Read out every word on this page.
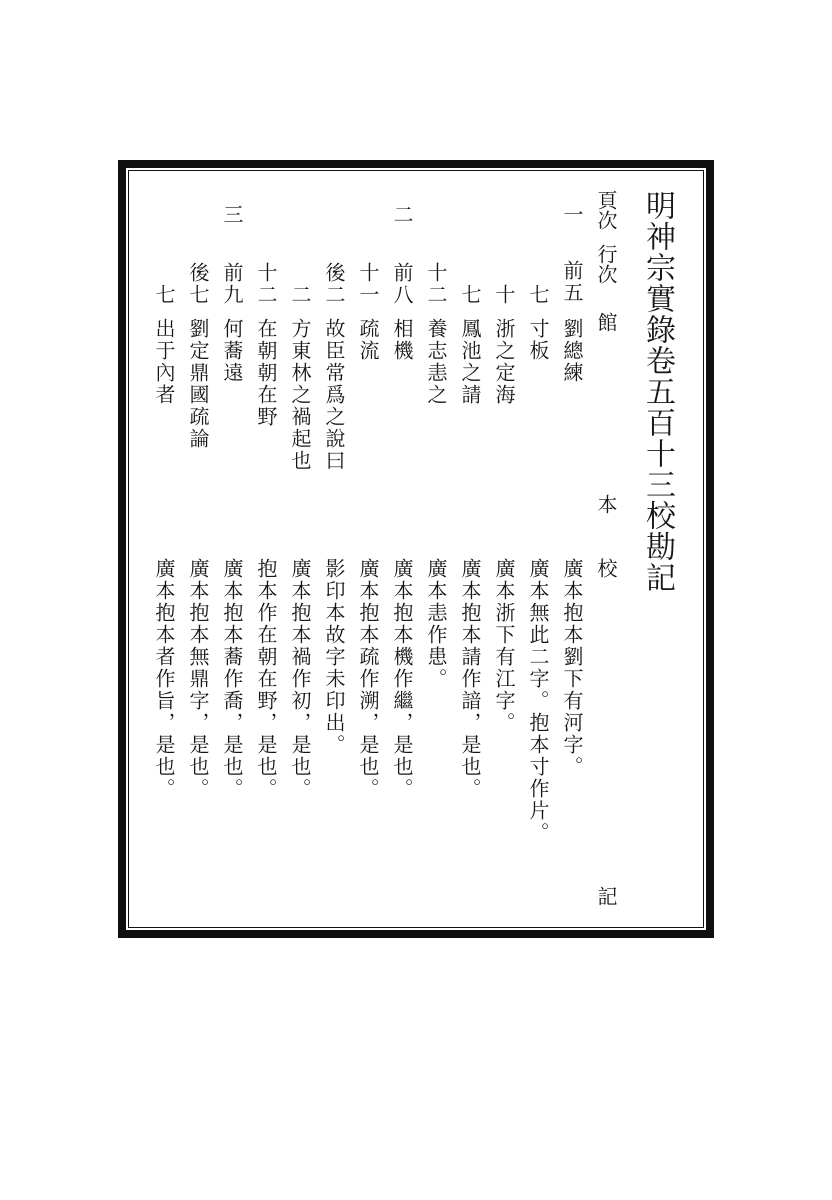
明神宗實錄卷五百十三校勘記
頁次
行次
館
本
校
記
一
二
三
前五
劉總練
廣本抱本劉下有河字。
七
寸板
廣本無此二字。抱本寸作片。
十
浙之定海
廣本浙下有江字。
七
鳳池之請
廣本抱本請作諳，是也。
十二
養志恚之
廣本恚作患。
前八
相機
廣本抱本機作繼，是也。
十一
疏流
廣本抱本疏作溯，是也。
後二
故臣常爲之說曰
影印本故字未印出。
二
方東林之禍起也
廣本抱本禍作初，是也。
十二
在朝朝在野
抱本作在朝在野，是也。
前九
何蕎遠
廣本抱本蕎作喬，是也。
後七
劉定鼎國疏論
廣本抱本無鼎字，是也。
七
出于內者
廣本抱本者作旨，是也。
